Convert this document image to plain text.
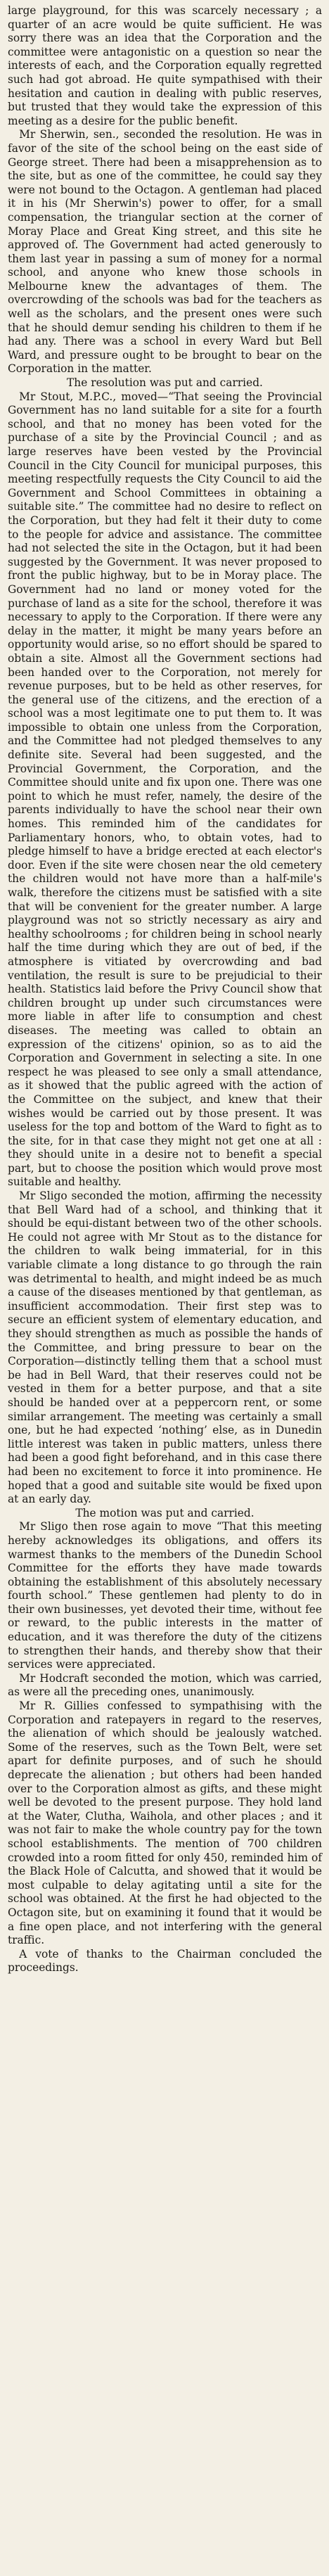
large playground, for this was scarcely necessary ; a quarter of an acre would be quite sufficient. He was sorry there was an idea that the Corporation and the committee were antagonistic on a question so near the interests of each, and the Corporation equally regretted such had got abroad. He quite sympathised with their hesitation and caution in dealing with public reserves, but trusted that they would take the expression of this meeting as a desire for the public benefit.

Mr Sherwin, sen., seconded the resolution. He was in favor of the site of the school being on the east side of George street. There had been a misapprehension as to the site, but as one of the committee, he could say they were not bound to the Octagon. A gentleman had placed it in his (Mr Sherwin's) power to offer, for a small compensation, the triangular section at the corner of Moray Place and Great King street, and this site he approved of. The Government had acted generously to them last year in passing a sum of money for a normal school, and anyone who knew those schools in Melbourne knew the advantages of them. The overcrowding of the schools was bad for the teachers as well as the scholars, and the present ones were such that he should demur sending his children to them if he had any. There was a school in every Ward but Bell Ward, and pressure ought to be brought to bear on the Corporation in the matter.

The resolution was put and carried.

Mr Stout, M.P.C., moved—“That seeing the Provincial Government has no land suitable for a site for a fourth school, and that no money has been voted for the purchase of a site by the Provincial Council ; and as large reserves have been vested by the Provincial Council in the City Council for municipal purposes, this meeting respectfully requests the City Council to aid the Government and School Committees in obtaining a suitable site.” The committee had no desire to reflect on the Corporation, but they had felt it their duty to come to the people for advice and assistance. The committee had not selected the site in the Octagon, but it had been suggested by the Government. It was never proposed to front the public highway, but to be in Moray place. The Government had no land or money voted for the purchase of land as a site for the school, therefore it was necessary to apply to the Corporation. If there were any delay in the matter, it might be many years before an opportunity would arise, so no effort should be spared to obtain a site. Almost all the Government sections had been handed over to the Corporation, not merely for revenue purposes, but to be held as other reserves, for the general use of the citizens, and the erection of a school was a most legitimate one to put them to. It was impossible to obtain one unless from the Corporation, and the Committee had not pledged themselves to any definite site. Several had been suggested, and the Provincial Government, the Corporation, and the Committee should unite and fix upon one. There was one point to which he must refer, namely, the desire of the parents individually to have the school near their own homes. This reminded him of the candidates for Parliamentary honors, who, to obtain votes, had to pledge himself to have a bridge erected at each elector's door. Even if the site were chosen near the old cemetery the children would not have more than a half-mile's walk, therefore the citizens must be satisfied with a site that will be convenient for the greater number. A large playground was not so strictly necessary as airy and healthy schoolrooms ; for children being in school nearly half the time during which they are out of bed, if the atmosphere is vitiated by overcrowding and bad ventilation, the result is sure to be prejudicial to their health. Statistics laid before the Privy Council show that children brought up under such circumstances were more liable in after life to consumption and chest diseases. The meeting was called to obtain an expression of the citizens' opinion, so as to aid the Corporation and Government in selecting a site. In one respect he was pleased to see only a small attendance, as it showed that the public agreed with the action of the Committee on the subject, and knew that their wishes would be carried out by those present. It was useless for the top and bottom of the Ward to fight as to the site, for in that case they might not get one at all : they should unite in a desire not to benefit a special part, but to choose the position which would prove most suitable and healthy.

Mr Sligo seconded the motion, affirming the necessity that Bell Ward had of a school, and thinking that it should be equi-distant between two of the other schools. He could not agree with Mr Stout as to the distance for the children to walk being immaterial, for in this variable climate a long distance to go through the rain was detrimental to health, and might indeed be as much a cause of the diseases mentioned by that gentleman, as insufficient accommodation. Their first step was to secure an efficient system of elementary education, and they should strengthen as much as possible the hands of the Committee, and bring pressure to bear on the Corporation—distinctly telling them that a school must be had in Bell Ward, that their reserves could not be vested in them for a better purpose, and that a site should be handed over at a peppercorn rent, or some similar arrangement. The meeting was certainly a small one, but he had expected ‘nothing’ else, as in Dunedin little interest was taken in public matters, unless there had been a good fight beforehand, and in this case there had been no excitement to force it into prominence. He hoped that a good and suitable site would be fixed upon at an early day.

The motion was put and carried.

Mr Sligo then rose again to move “That this meeting hereby acknowledges its obligations, and offers its warmest thanks to the members of the Dunedin School Committee for the efforts they have made towards obtaining the establishment of this absolutely necessary fourth school.” These gentlemen had plenty to do in their own businesses, yet devoted their time, without fee or reward, to the public interests in the matter of education, and it was therefore the duty of the citizens to strengthen their hands, and thereby show that their services were appreciated.

Mr Hodcraft seconded the motion, which was carried, as were all the preceding ones, unanimously.

Mr R. Gillies confessed to sympathising with the Corporation and ratepayers in regard to the reserves, the alienation of which should be jealously watched. Some of the reserves, such as the Town Belt, were set apart for definite purposes, and of such he should deprecate the alienation ; but others had been handed over to the Corporation almost as gifts, and these might well be devoted to the present purpose. They hold land at the Water, Clutha, Waihola, and other places ; and it was not fair to make the whole country pay for the town school establishments. The mention of 700 children crowded into a room fitted for only 450, reminded him of the Black Hole of Calcutta, and showed that it would be most culpable to delay agitating until a site for the school was obtained. At the first he had objected to the Octagon site, but on examining it found that it would be a fine open place, and not interfering with the general traffic.

A vote of thanks to the Chairman concluded the proceedings.
